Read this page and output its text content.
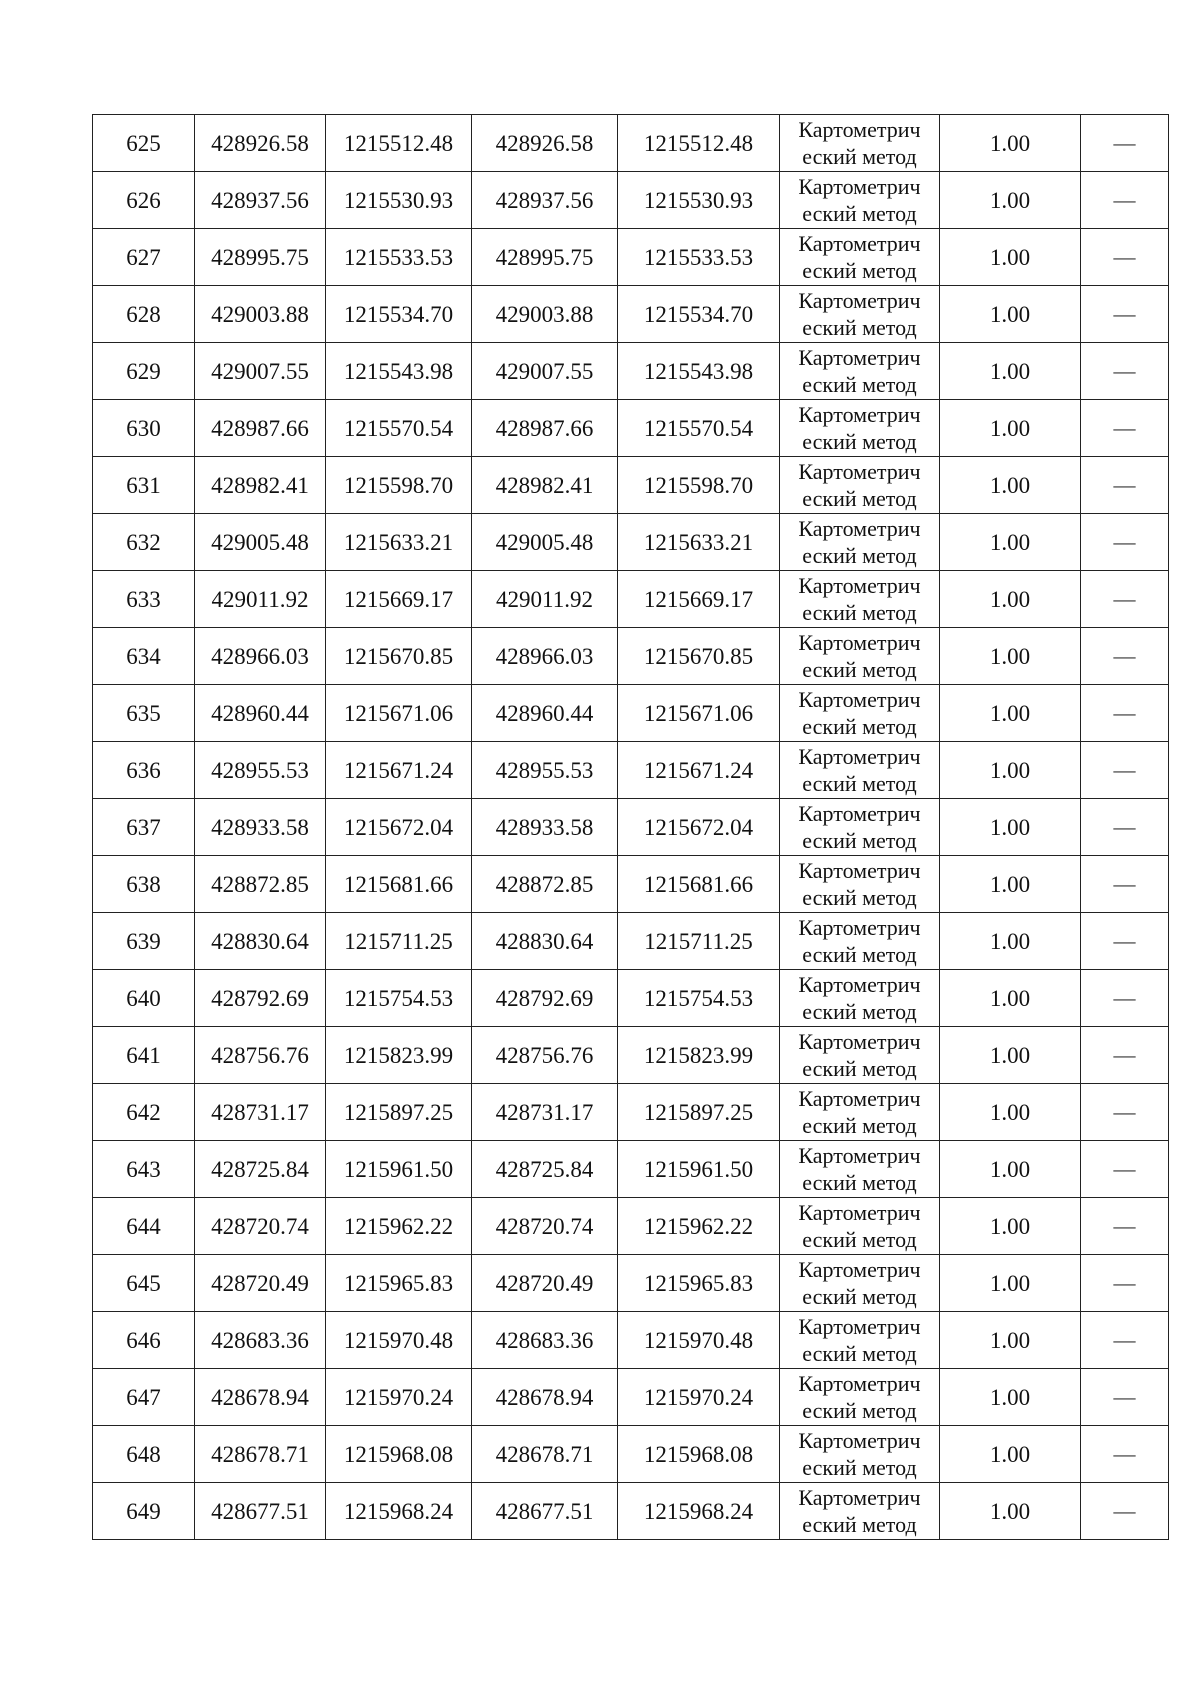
625	428926.58	1215512.48	428926.58	1215512.48	Картометрич
еский метод	1.00	—
626	428937.56	1215530.93	428937.56	1215530.93	Картометрич
еский метод	1.00	—
627	428995.75	1215533.53	428995.75	1215533.53	Картометрич
еский метод	1.00	—
628	429003.88	1215534.70	429003.88	1215534.70	Картометрич
еский метод	1.00	—
629	429007.55	1215543.98	429007.55	1215543.98	Картометрич
еский метод	1.00	—
630	428987.66	1215570.54	428987.66	1215570.54	Картометрич
еский метод	1.00	—
631	428982.41	1215598.70	428982.41	1215598.70	Картометрич
еский метод	1.00	—
632	429005.48	1215633.21	429005.48	1215633.21	Картометрич
еский метод	1.00	—
633	429011.92	1215669.17	429011.92	1215669.17	Картометрич
еский метод	1.00	—
634	428966.03	1215670.85	428966.03	1215670.85	Картометрич
еский метод	1.00	—
635	428960.44	1215671.06	428960.44	1215671.06	Картометрич
еский метод	1.00	—
636	428955.53	1215671.24	428955.53	1215671.24	Картометрич
еский метод	1.00	—
637	428933.58	1215672.04	428933.58	1215672.04	Картометрич
еский метод	1.00	—
638	428872.85	1215681.66	428872.85	1215681.66	Картометрич
еский метод	1.00	—
639	428830.64	1215711.25	428830.64	1215711.25	Картометрич
еский метод	1.00	—
640	428792.69	1215754.53	428792.69	1215754.53	Картометрич
еский метод	1.00	—
641	428756.76	1215823.99	428756.76	1215823.99	Картометрич
еский метод	1.00	—
642	428731.17	1215897.25	428731.17	1215897.25	Картометрич
еский метод	1.00	—
643	428725.84	1215961.50	428725.84	1215961.50	Картометрич
еский метод	1.00	—
644	428720.74	1215962.22	428720.74	1215962.22	Картометрич
еский метод	1.00	—
645	428720.49	1215965.83	428720.49	1215965.83	Картометрич
еский метод	1.00	—
646	428683.36	1215970.48	428683.36	1215970.48	Картометрич
еский метод	1.00	—
647	428678.94	1215970.24	428678.94	1215970.24	Картометрич
еский метод	1.00	—
648	428678.71	1215968.08	428678.71	1215968.08	Картометрич
еский метод	1.00	—
649	428677.51	1215968.24	428677.51	1215968.24	Картометрич
еский метод	1.00	—
